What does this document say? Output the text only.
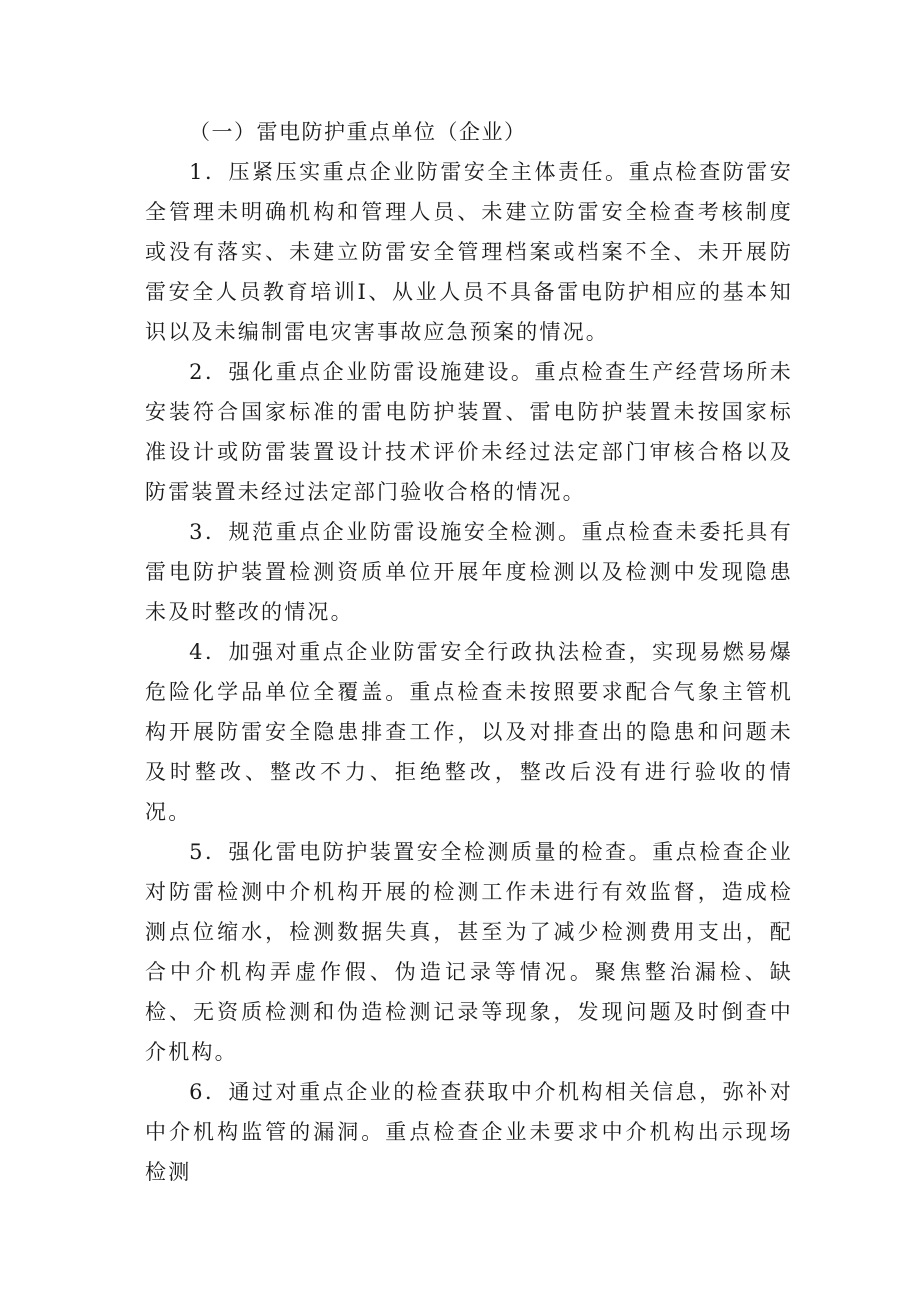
（一）雷电防护重点单位（企业）

1．压紧压实重点企业防雷安全主体责任。重点检查防雷安全管理未明确机构和管理人员、未建立防雷安全检查考核制度或没有落实、未建立防雷安全管理档案或档案不全、未开展防雷安全人员教育培训I、从业人员不具备雷电防护相应的基本知识以及未编制雷电灾害事故应急预案的情况。

2．强化重点企业防雷设施建设。重点检查生产经营场所未安装符合国家标准的雷电防护装置、雷电防护装置未按国家标准设计或防雷装置设计技术评价未经过法定部门审核合格以及防雷装置未经过法定部门验收合格的情况。

3．规范重点企业防雷设施安全检测。重点检查未委托具有雷电防护装置检测资质单位开展年度检测以及检测中发现隐患未及时整改的情况。

4．加强对重点企业防雷安全行政执法检查，实现易燃易爆危险化学品单位全覆盖。重点检查未按照要求配合气象主管机构开展防雷安全隐患排查工作，以及对排查出的隐患和问题未及时整改、整改不力、拒绝整改，整改后没有进行验收的情况。

5．强化雷电防护装置安全检测质量的检查。重点检查企业对防雷检测中介机构开展的检测工作未进行有效监督，造成检测点位缩水，检测数据失真，甚至为了减少检测费用支出，配合中介机构弄虚作假、伪造记录等情况。聚焦整治漏检、缺检、无资质检测和伪造检测记录等现象，发现问题及时倒查中介机构。

6．通过对重点企业的检查获取中介机构相关信息，弥补对中介机构监管的漏洞。重点检查企业未要求中介机构出示现场检测
